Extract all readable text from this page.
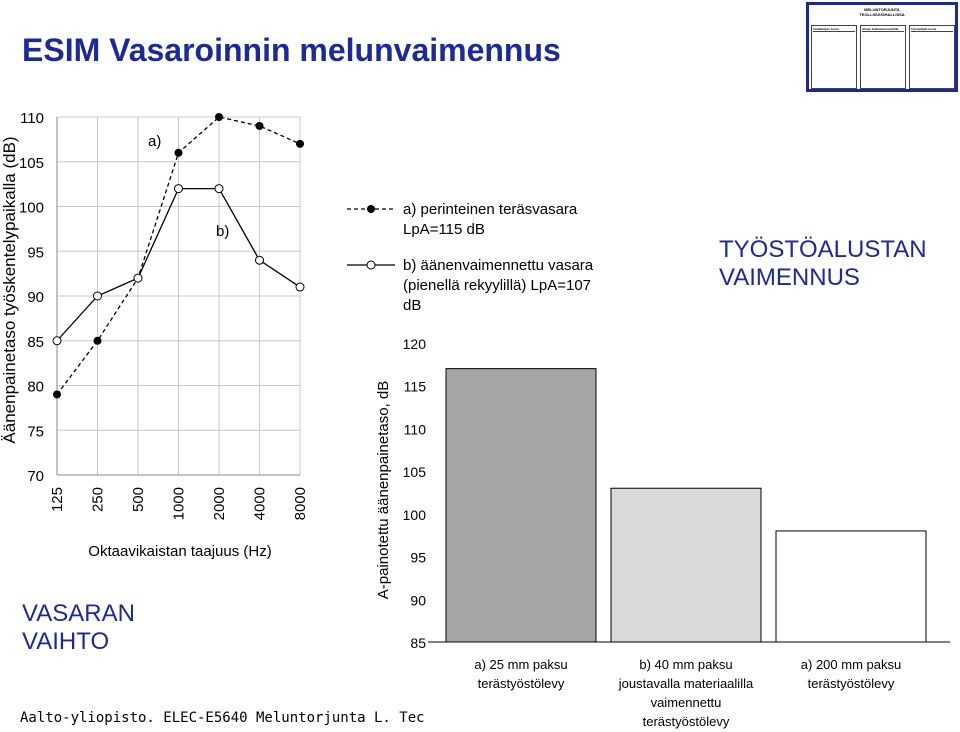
ESIM Vasaroinnin melunvaimennus
MELUNTORJUNTA
TEOLLISUUSHALLISSA
Äänilähteen luona
-
Äänen kulkeutumisreitillä
-
Työntekijän luona
-
Äänenpainetaso työskentelypaikalla (dB)
110
105
100
95
90
85
80
75
70
125 250 500 1000 2000 4000 8000
a)
b)
Oktaavikaistan taajuus (Hz)
a) perinteinen teräsvasara
LpA=115 dB
b) äänenvaimennettu vasara
(pienellä rekyylillä) LpA=107
dB
A-painotettu äänenpainetaso, dB
120
115
110
105
100
95
90
85
a) 25 mm paksu
terästyöstölevy
b) 40 mm paksu
joustavalla materiaalilla
vaimennettu
terästyöstölevy
a) 200 mm paksu
terästyöstölevy
VASARAN
VAIHTO
TYÖSTÖALUSTAN
VAIMENNUS
Aalto-yliopisto. ELEC-E5640 Meluntorjunta L. Tec
